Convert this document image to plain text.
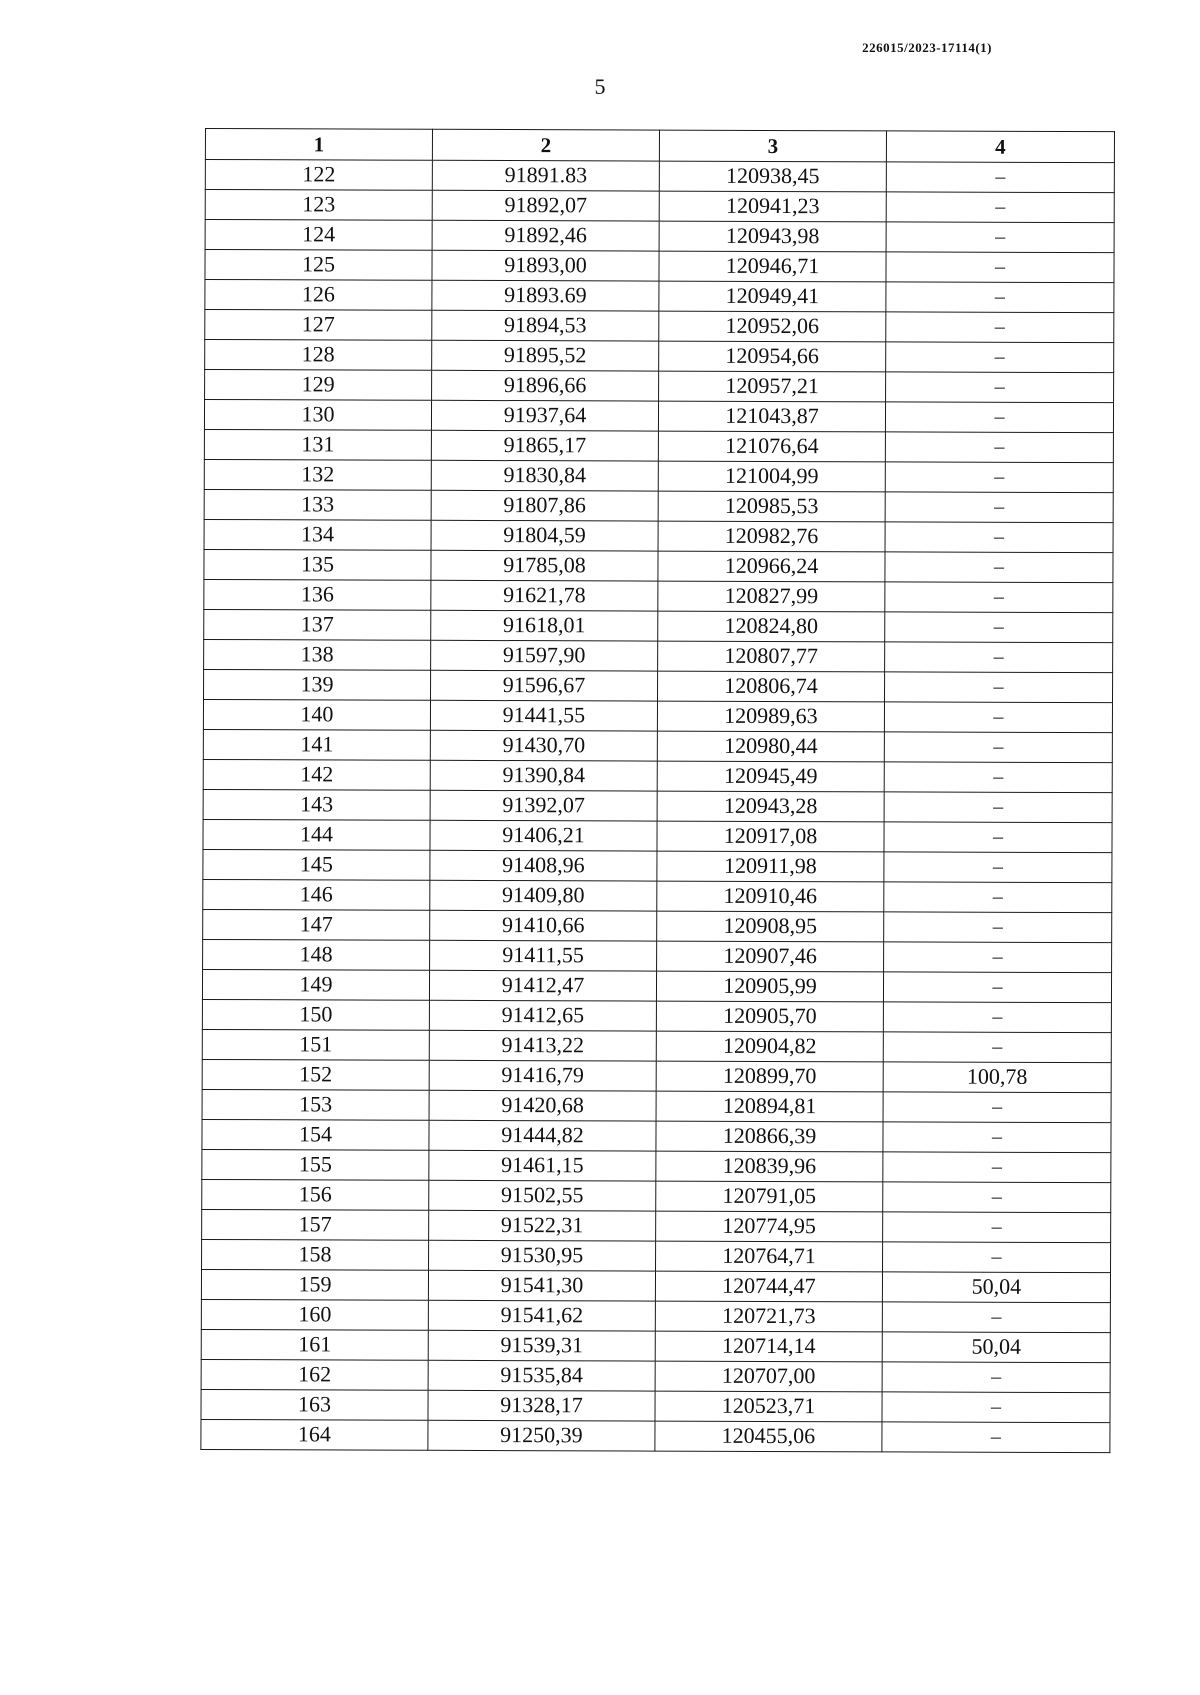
226015/2023-17114(1)
5
1	2	3	4
122	91891.83	120938,45	–
123	91892,07	120941,23	–
124	91892,46	120943,98	–
125	91893,00	120946,71	–
126	91893.69	120949,41	–
127	91894,53	120952,06	–
128	91895,52	120954,66	–
129	91896,66	120957,21	–
130	91937,64	121043,87	–
131	91865,17	121076,64	–
132	91830,84	121004,99	–
133	91807,86	120985,53	–
134	91804,59	120982,76	–
135	91785,08	120966,24	–
136	91621,78	120827,99	–
137	91618,01	120824,80	–
138	91597,90	120807,77	–
139	91596,67	120806,74	–
140	91441,55	120989,63	–
141	91430,70	120980,44	–
142	91390,84	120945,49	–
143	91392,07	120943,28	–
144	91406,21	120917,08	–
145	91408,96	120911,98	–
146	91409,80	120910,46	–
147	91410,66	120908,95	–
148	91411,55	120907,46	–
149	91412,47	120905,99	–
150	91412,65	120905,70	–
151	91413,22	120904,82	–
152	91416,79	120899,70	100,78
153	91420,68	120894,81	–
154	91444,82	120866,39	–
155	91461,15	120839,96	–
156	91502,55	120791,05	–
157	91522,31	120774,95	–
158	91530,95	120764,71	–
159	91541,30	120744,47	50,04
160	91541,62	120721,73	–
161	91539,31	120714,14	50,04
162	91535,84	120707,00	–
163	91328,17	120523,71	–
164	91250,39	120455,06	–
